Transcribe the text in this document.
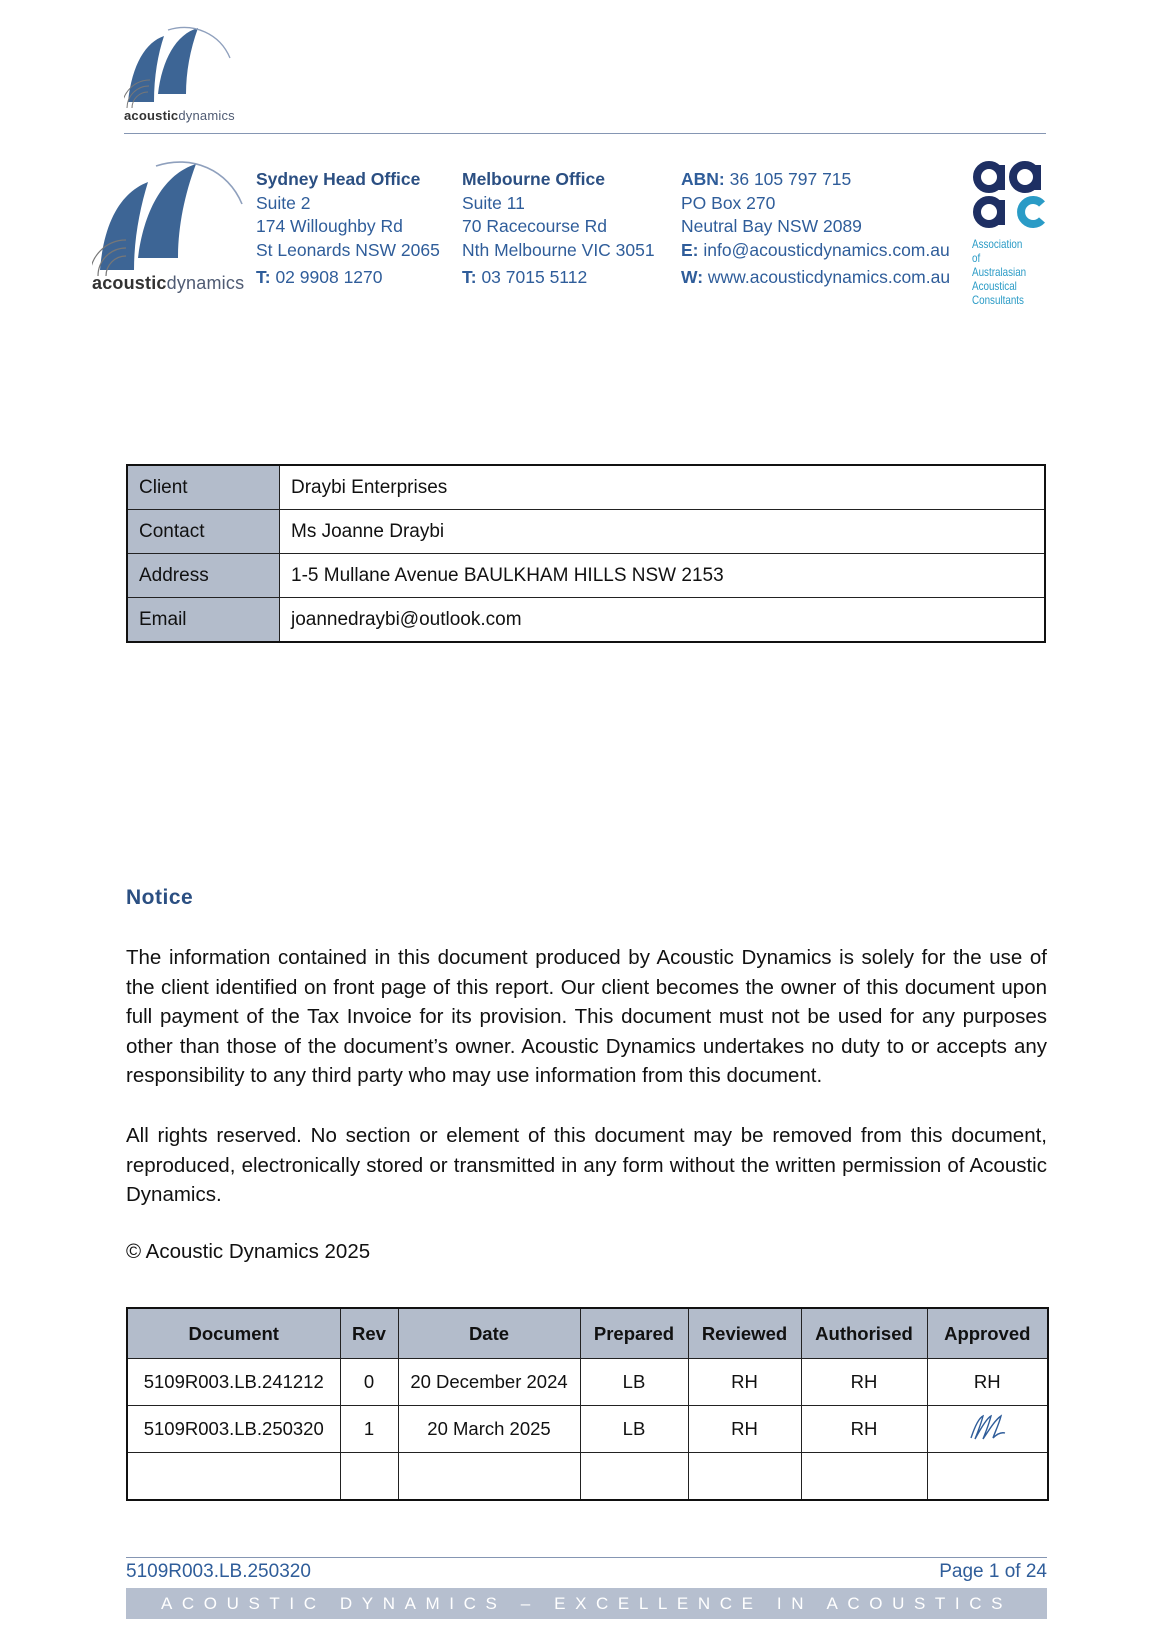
acousticdynamics
acousticdynamics
Sydney Head Office
Suite 2
174 Willoughby Rd
St Leonards NSW 2065
T: 02 9908 1270
Melbourne Office
Suite 11
70 Racecourse Rd
Nth Melbourne VIC 3051
T: 03 7015 5112
ABN: 36 105 797 715
PO Box 270
Neutral Bay NSW 2089
E: info@acousticdynamics.com.au
W: www.acousticdynamics.com.au
Association of
Australasian
Acoustical
Consultants
Client	Draybi Enterprises
Contact	Ms Joanne Draybi
Address	1-5 Mullane Avenue BAULKHAM HILLS NSW 2153
Email	joannedraybi@outlook.com
Notice
The information contained in this document produced by Acoustic Dynamics is solely for the use of the client identified on front page of this report. Our client becomes the owner of this document upon full payment of the Tax Invoice for its provision. This document must not be used for any purposes other than those of the document’s owner. Acoustic Dynamics undertakes no duty to or accepts any responsibility to any third party who may use information from this document.
All rights reserved. No section or element of this document may be removed from this document, reproduced, electronically stored or transmitted in any form without the written permission of Acoustic Dynamics.
© Acoustic Dynamics 2025
Document	Rev	Date	Prepared	Reviewed	Authorised	Approved
5109R003.LB.241212	0	20 December 2024	LB	RH	RH	RH
5109R003.LB.250320	1	20 March 2025	LB	RH	RH	

5109R003.LB.250320	Page 1 of 24
ACOUSTIC DYNAMICS – EXCELLENCE IN ACOUSTICS
